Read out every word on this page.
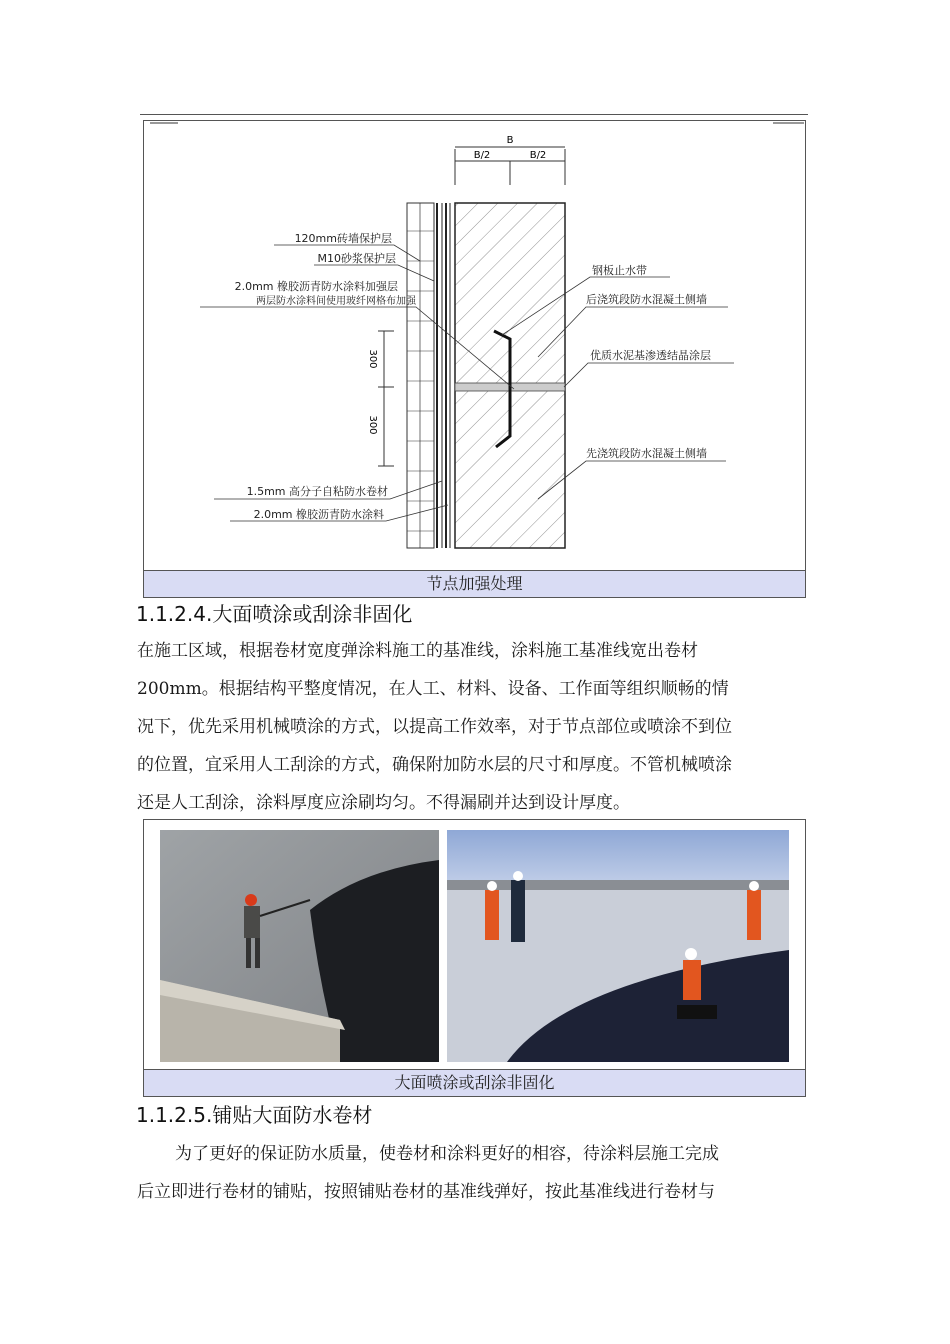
B
B/2	B/2
300
300
120mm砖墙保护层
M10砂浆保护层
2.0mm 橡胶沥青防水涂料加强层
两层防水涂料间使用玻纤网格布加强
1.5mm 高分子自粘防水卷材
2.0mm 橡胶沥青防水涂料
钢板止水带
后浇筑段防水混凝土侧墙
优质水泥基渗透结晶涂层
先浇筑段防水混凝土侧墙
节点加强处理
1.1.2.4.大面喷涂或刮涂非固化

在施工区域，根据卷材宽度弹涂料施工的基准线，涂料施工基准线宽出卷材
200mm。根据结构平整度情况，在人工、材料、设备、工作面等组织顺畅的情
况下，优先采用机械喷涂的方式，以提高工作效率，对于节点部位或喷涂不到位
的位置，宜采用人工刮涂的方式，确保附加防水层的尺寸和厚度。不管机械喷涂
还是人工刮涂，涂料厚度应涂刷均匀。不得漏刷并达到设计厚度。

大面喷涂或刮涂非固化
1.1.2.5.铺贴大面防水卷材

为了更好的保证防水质量，使卷材和涂料更好的相容，待涂料层施工完成
后立即进行卷材的铺贴，按照铺贴卷材的基准线弹好，按此基准线进行卷材与
